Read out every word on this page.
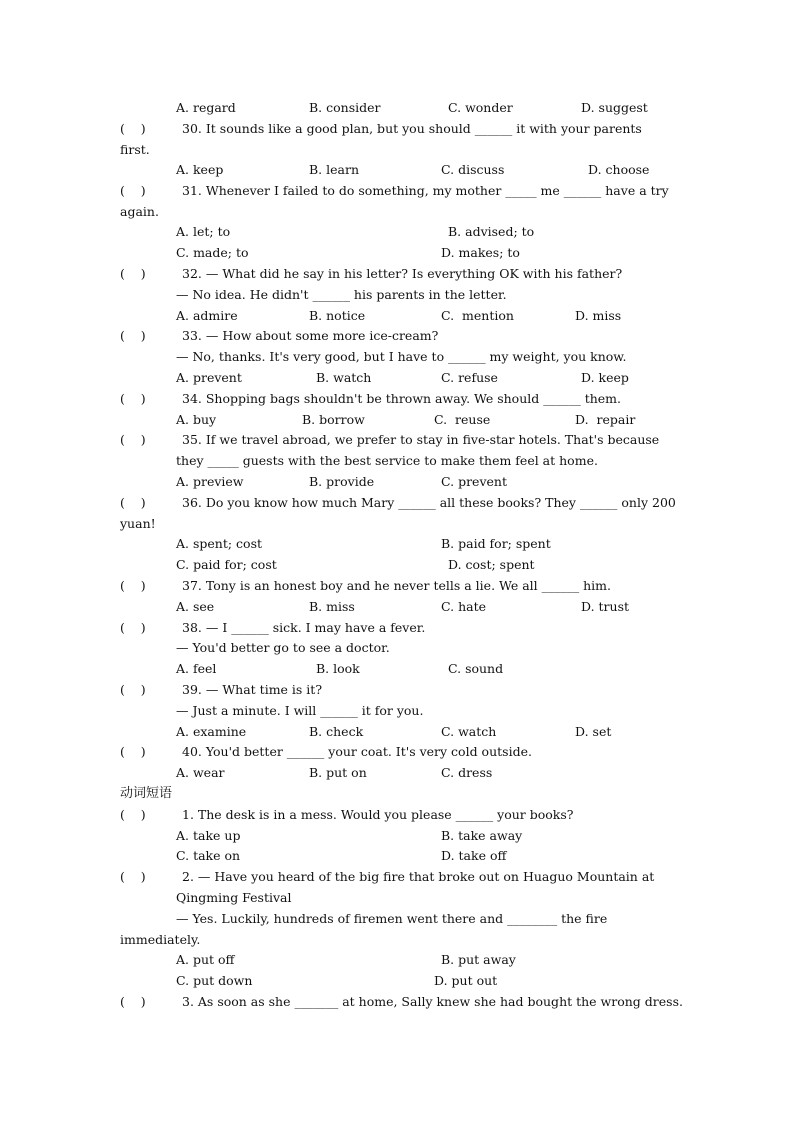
A. regard	B. consider	C. wonder	D. suggest
(    )	30. It sounds like a good plan, but you should ______ it with your parents
first.
A. keep	B. learn	C. discuss	D. choose
(    )	31. Whenever I failed to do something, my mother _____ me ______ have a try
again.
A. let; to	B. advised; to
C. made; to	D. makes; to
(    )	32. — What did he say in his letter? Is everything OK with his father?
— No idea. He didn't ______ his parents in the letter.
A. admire	B. notice	C.  mention	D. miss
(    )	33. — How about some more ice-cream?
— No, thanks. It's very good, but I have to ______ my weight, you know.
A. prevent	B. watch	C. refuse	D. keep
(    )	34. Shopping bags shouldn't be thrown away. We should ______ them.
A. buy	B. borrow	C.  reuse	D.  repair
(    )	35. If we travel abroad, we prefer to stay in five-star hotels. That's because
they _____ guests with the best service to make them feel at home.
A. preview	B. provide	C. prevent
(    )	36. Do you know how much Mary ______ all these books? They ______ only 200
yuan!
A. spent; cost	B. paid for; spent
C. paid for; cost	D. cost; spent
(    )	37. Tony is an honest boy and he never tells a lie. We all ______ him.
A. see	B. miss	C. hate	D. trust
(    )	38. — I ______ sick. I may have a fever.
— You'd better go to see a doctor.
A. feel	B. look	C. sound
(    )	39. — What time is it?
— Just a minute. I will ______ it for you.
A. examine	B. check	C. watch	D. set
(    )	40. You'd better ______ your coat. It's very cold outside.
A. wear	B. put on	C. dress
动词短语
(    )	1. The desk is in a mess. Would you please ______ your books?
A. take up	B. take away
C. take on	D. take off
(    )	2. — Have you heard of the big fire that broke out on Huaguo Mountain at
Qingming Festival
— Yes. Luckily, hundreds of firemen went there and ________ the fire
immediately.
A. put off	B. put away
C. put down	D. put out
(    )	3. As soon as she _______ at home, Sally knew she had bought the wrong dress.
